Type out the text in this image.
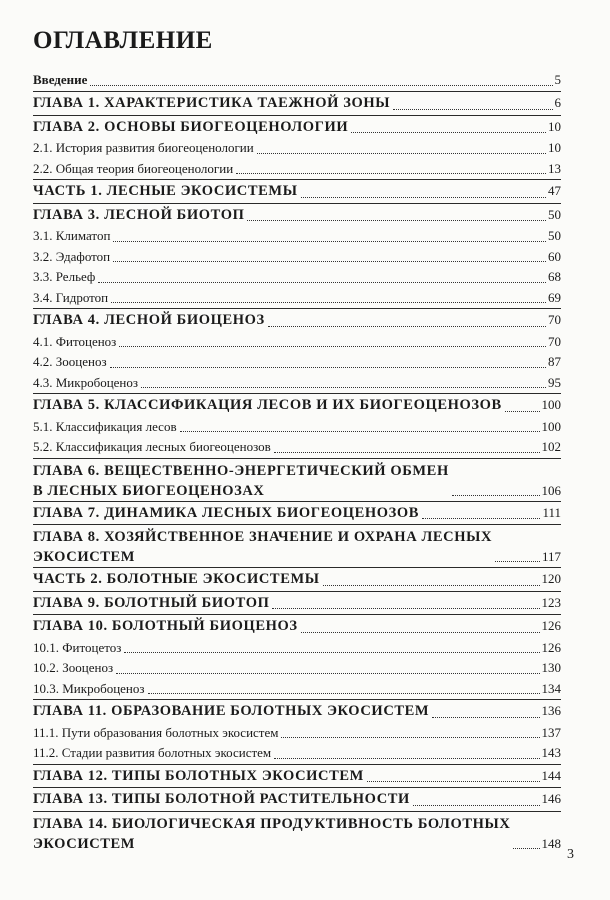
ОГЛАВЛЕНИЕ
Введение	5
ГЛАВА 1. ХАРАКТЕРИСТИКА ТАЕЖНОЙ ЗОНЫ	6
ГЛАВА 2. ОСНОВЫ БИОГЕОЦЕНОЛОГИИ	10
2.1. История развития биогеоценологии	10
2.2. Общая теория биогеоценологии	13
ЧАСТЬ 1. ЛЕСНЫЕ ЭКОСИСТЕМЫ	47
ГЛАВА 3. ЛЕСНОЙ БИОТОП	50
3.1. Климатоп	50
3.2. Эдафотоп	60
3.3. Рельеф	68
3.4. Гидротоп	69
ГЛАВА 4. ЛЕСНОЙ БИОЦЕНОЗ	70
4.1. Фитоценоз	70
4.2. Зооценоз	87
4.3. Микробоценоз	95
ГЛАВА 5. КЛАССИФИКАЦИЯ ЛЕСОВ И ИХ БИОГЕОЦЕНОЗОВ	100
5.1. Классификация лесов	100
5.2. Классификация лесных биогеоценозов	102
ГЛАВА 6. ВЕЩЕСТВЕННО-ЭНЕРГЕТИЧЕСКИЙ ОБМЕН
В ЛЕСНЫХ БИОГЕОЦЕНОЗАХ	106
ГЛАВА 7. ДИНАМИКА ЛЕСНЫХ БИОГЕОЦЕНОЗОВ	111
ГЛАВА 8. ХОЗЯЙСТВЕННОЕ ЗНАЧЕНИЕ И ОХРАНА ЛЕСНЫХ
ЭКОСИСТЕМ	117
ЧАСТЬ 2. БОЛОТНЫЕ ЭКОСИСТЕМЫ	120
ГЛАВА 9. БОЛОТНЫЙ БИОТОП	123
ГЛАВА 10. БОЛОТНЫЙ БИОЦЕНОЗ	126
10.1. Фитоцетоз	126
10.2. Зооценоз	130
10.3. Микробоценоз	134
ГЛАВА 11. ОБРАЗОВАНИЕ БОЛОТНЫХ ЭКОСИСТЕМ	136
11.1. Пути образования болотных экосистем	137
11.2. Стадии развития болотных экосистем	143
ГЛАВА 12. ТИПЫ БОЛОТНЫХ ЭКОСИСТЕМ	144
ГЛАВА 13. ТИПЫ БОЛОТНОЙ РАСТИТЕЛЬНОСТИ	146
ГЛАВА 14. БИОЛОГИЧЕСКАЯ ПРОДУКТИВНОСТЬ БОЛОТНЫХ
ЭКОСИСТЕМ	148
3
